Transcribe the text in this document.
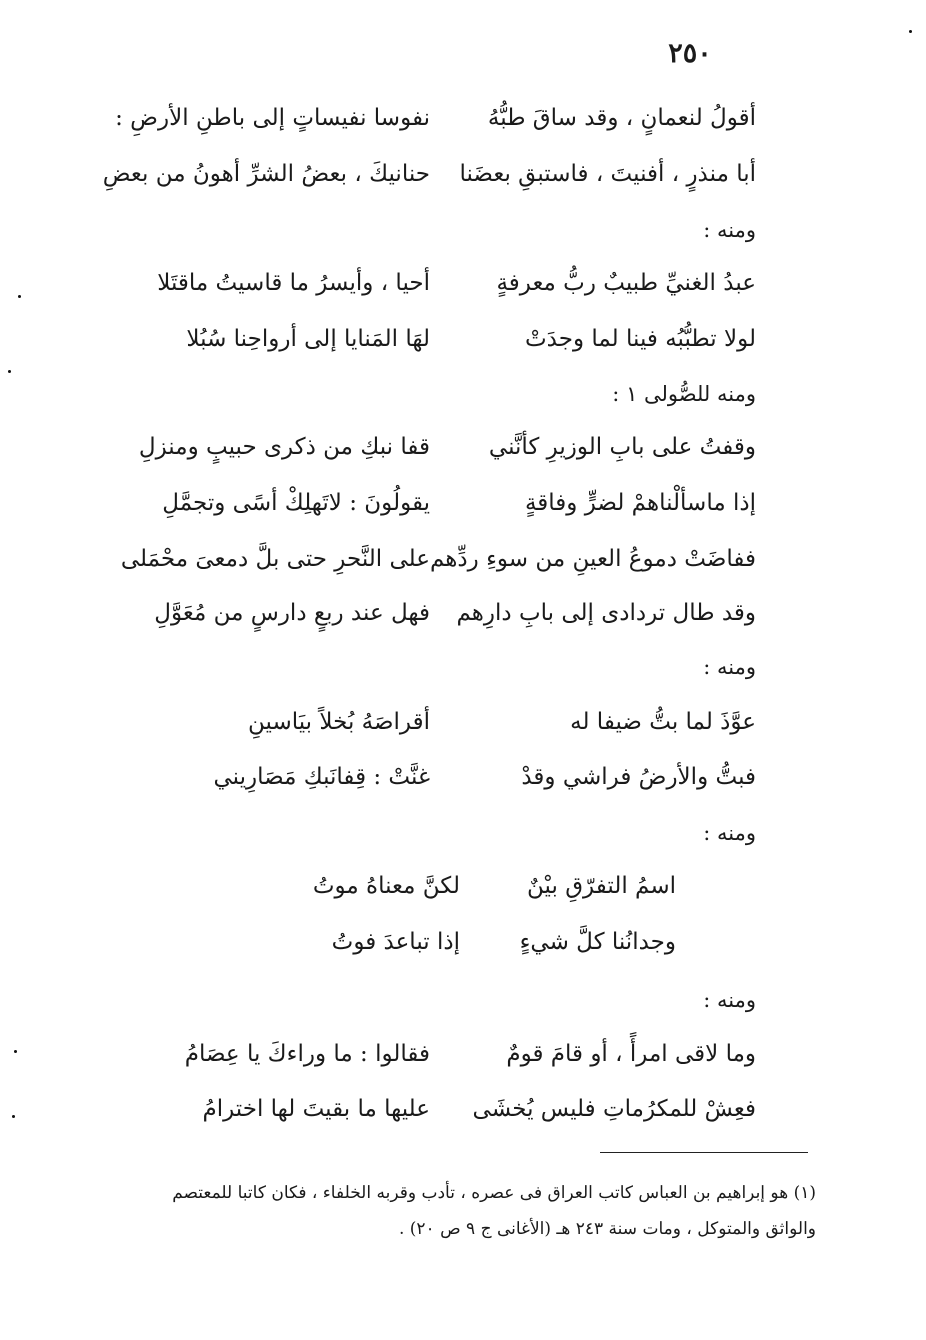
٢٥٠
أقولُ لنعمانٍ ، وقد ساقَ طبُّهُ
نفوسا نفيساتٍ إلى باطنِ الأرضِ :
أبا منذرٍ ، أفنيتَ ، فاستبقِ بعضَنا
حنانيكَ ، بعضُ الشرِّ أهونُ من بعضِ
ومنه :
عبدُ الغنيِّ طبيبٌ ربُّ معرفةٍ
أحيا ، وأيسرُ ما قاسيتُ ماقتَلا
لولا تطبُّبُه فينا لما وجدَتْ
لهَا المَنايا إلى أرواحِنا سُبُلا
ومنه للصُّولى ١ :
وقفتُ على بابِ الوزيرِ كأنَّني
قفا نبكِ من ذكرى حبيبٍ ومنزلِ
إذا ماسألْناهمْ لضرٍّ وفاقةٍ
يقولُونَ : لاتَهلِكْ أسًى وتجمَّلِ
ففاضَتْ دموعُ العينِ من سوءِ ردِّهم
على النَّحرِ حتى بلَّ دمعىَ محْمَلى
وقد طال تردادى إلى بابِ دارِهم
فهل عند ربعٍ دارسٍ من مُعَوَّلِ
ومنه :
عوَّذَ لما بتُّ ضيفا له
أقراصَهُ بُخلاً بيَاسينِ
فبتُّ والأرضُ فراشي وقدْ
غنَّتْ : قِفانَبكِ مَصَارِيني
ومنه :
اسمُ التفرّقِ بيْنٌ
لكنَّ معناهُ موتُ
وجدانُنا كلَّ شيءٍ
إذا تباعدَ فوتُ
ومنه :
وما لاقى امرأً ، أو قامَ قومٌ
فقالوا : ما وراءكَ يا عِصَامُ
فعِشْ للمكرُماتِ فليس يُخشَى
عليها ما بقيتَ لها اخترامُ
(١) هو إبراهيم بن العباس كاتب العراق فى عصره ، تأدب وقربه الخلفاء ، فكان كاتبا للمعتصم
والواثق والمتوكل ، ومات سنة ٢٤٣ هـ (الأغانى ج ٩ ص ٢٠) .
